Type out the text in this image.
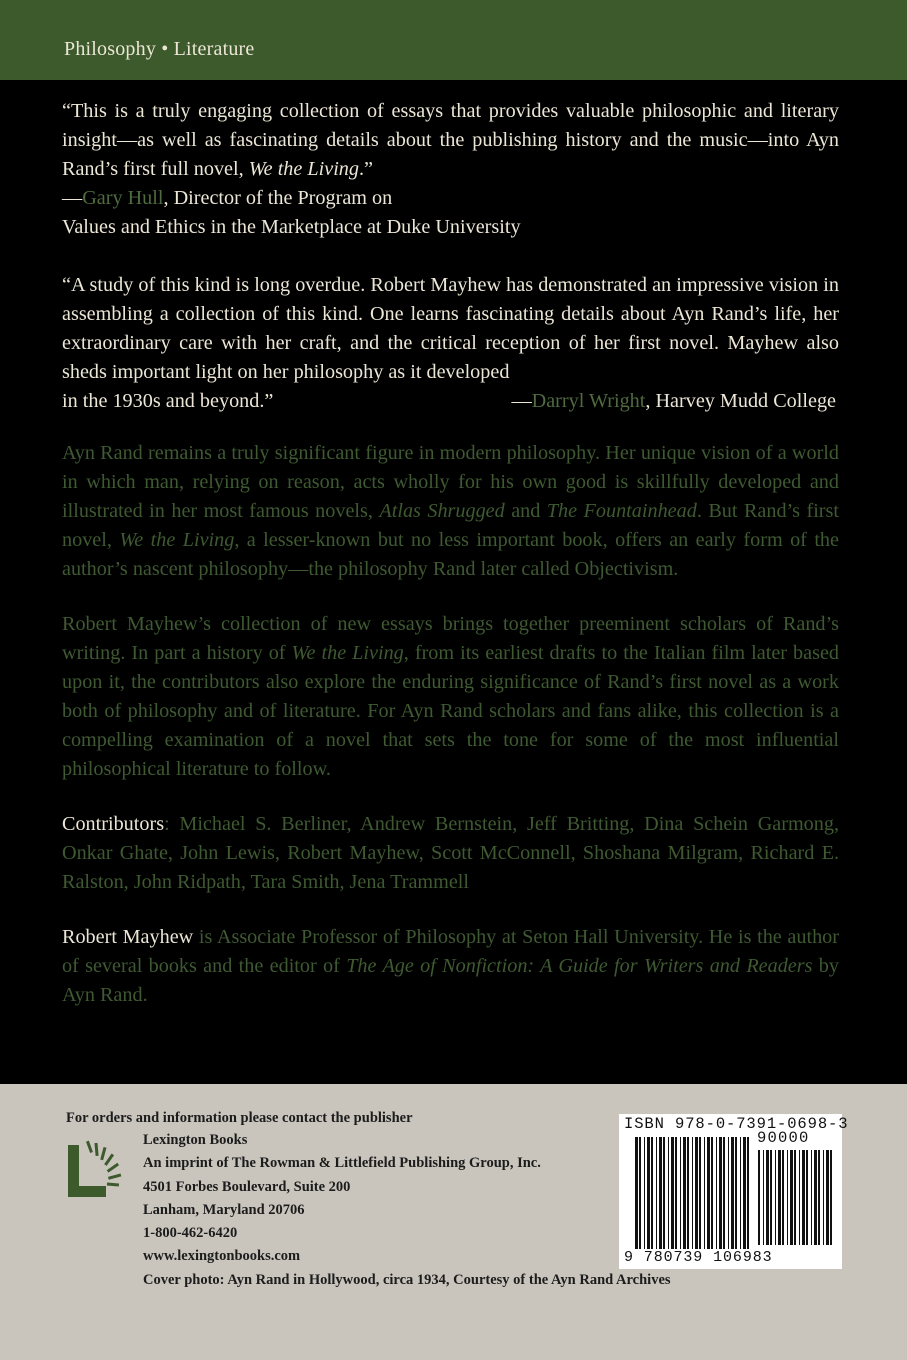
Philosophy • Literature

“This is a truly engaging collection of essays that provides valuable philosophic and literary insight—as well as fascinating details about the publishing history and the music—into Ayn Rand’s first full novel, We the Living.”

—Gary Hull, Director of the Program on

Values and Ethics in the Marketplace at Duke University

“A study of this kind is long overdue. Robert Mayhew has demonstrated an impressive vision in assembling a collection of this kind. One learns fascinating details about Ayn Rand’s life, her extraordinary care with her craft, and the critical reception of her first novel. Mayhew also sheds important light on her philosophy as it developed

in the 1930s and beyond.”	—Darryl Wright, Harvey Mudd College

Ayn Rand remains a truly significant figure in modern philosophy. Her unique vision of a world in which man, relying on reason, acts wholly for his own good is skillfully developed and illustrated in her most famous novels, Atlas Shrugged and The Fountainhead. But Rand’s first novel, We the Living, a lesser-known but no less important book, offers an early form of the author’s nascent philosophy—the philosophy Rand later called Objectivism.

Robert Mayhew’s collection of new essays brings together preeminent scholars of Rand’s writing. In part a history of We the Living, from its earliest drafts to the Italian film later based upon it, the contributors also explore the enduring significance of Rand’s first novel as a work both of philosophy and of literature. For Ayn Rand scholars and fans alike, this collection is a compelling examination of a novel that sets the tone for some of the most influential philosophical literature to follow.

Contributors: Michael S. Berliner, Andrew Bernstein, Jeff Britting, Dina Schein Garmong, Onkar Ghate, John Lewis, Robert Mayhew, Scott McConnell, Shoshana Milgram, Richard E. Ralston, John Ridpath, Tara Smith, Jena Trammell

Robert Mayhew is Associate Professor of Philosophy at Seton Hall University. He is the author of several books and the editor of The Age of Nonfiction: A Guide for Writers and Readers by Ayn Rand.

For orders and information please contact the publisher
Lexington Books
An imprint of The Rowman & Littlefield Publishing Group, Inc.
4501 Forbes Boulevard, Suite 200
Lanham, Maryland 20706
1-800-462-6420
www.lexingtonbooks.com
Cover photo: Ayn Rand in Hollywood, circa 1934, Courtesy of the Ayn Rand Archives
ISBN 978-0-7391-0698-3
90000
9 780739 106983
